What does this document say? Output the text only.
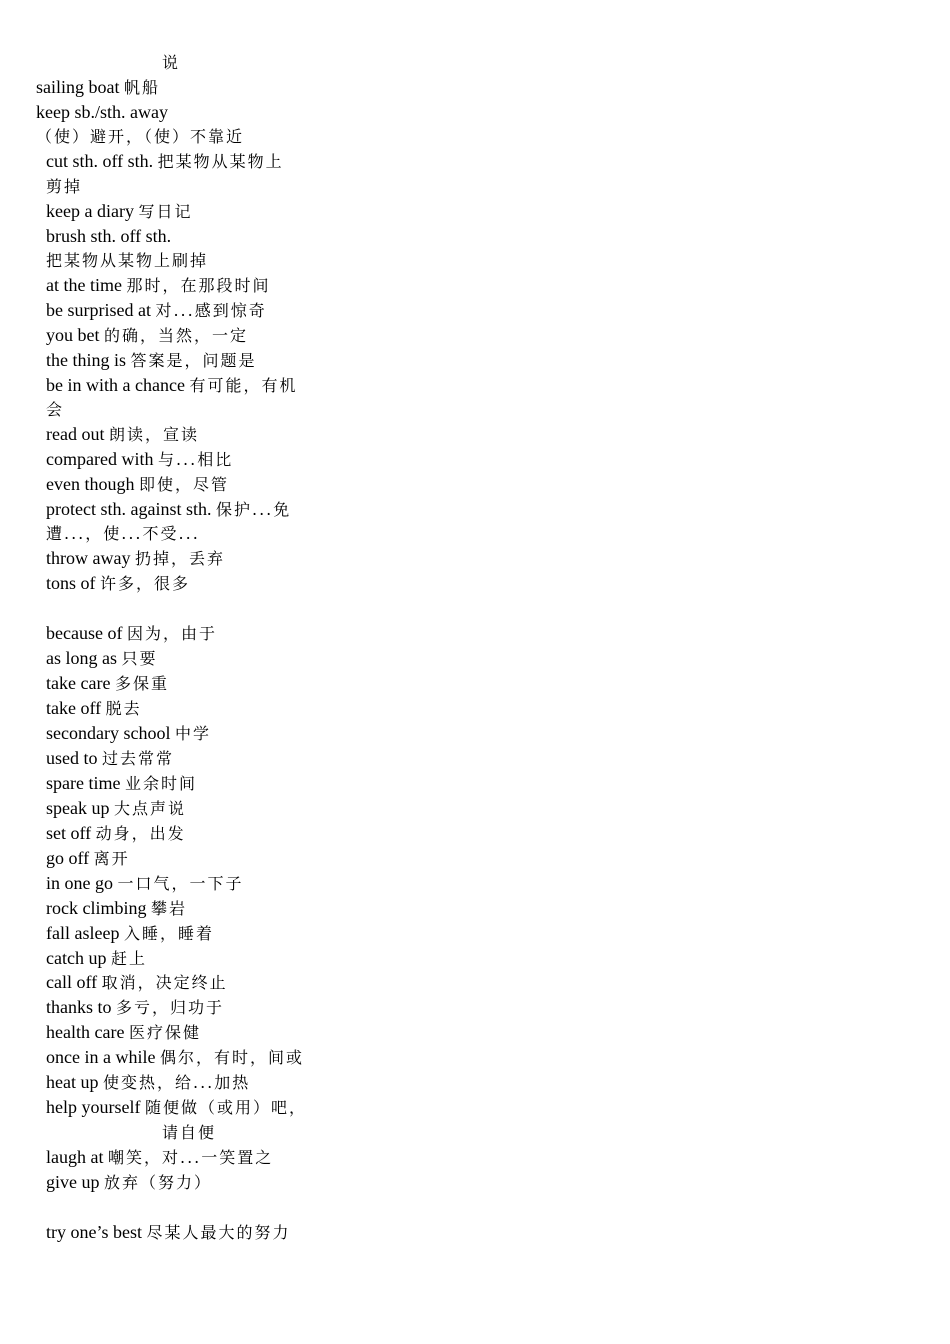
说
sailing boat 帆船
keep sb./sth. away
（使）避开，（使）不靠近
cut sth. off sth. 把某物从某物上
剪掉
keep a diary 写日记
brush sth. off sth.
把某物从某物上刷掉
at the time 那时，在那段时间
be surprised at 对...感到惊奇
you bet 的确，当然，一定
the thing is 答案是，问题是
be in with a chance 有可能，有机
会
read out 朗读，宣读
compared with 与...相比
even though 即使，尽管
protect sth. against sth. 保护...免
遭...，使...不受...
throw away 扔掉，丢弃
tons of 许多，很多
because of 因为，由于
as long as 只要
take care 多保重
take off 脱去
secondary school 中学
used to 过去常常
spare time 业余时间
speak up 大点声说
set off 动身，出发
go off 离开
in one go 一口气，一下子
rock climbing 攀岩
fall asleep 入睡，睡着
catch up 赶上
call off 取消，决定终止
thanks to 多亏，归功于
health care 医疗保健
once in a while 偶尔，有时，间或
heat up 使变热，给...加热
help yourself 随便做（或用）吧，
请自便
laugh at 嘲笑，对...一笑置之
give up 放弃（努力）
try one’s best 尽某人最大的努力
